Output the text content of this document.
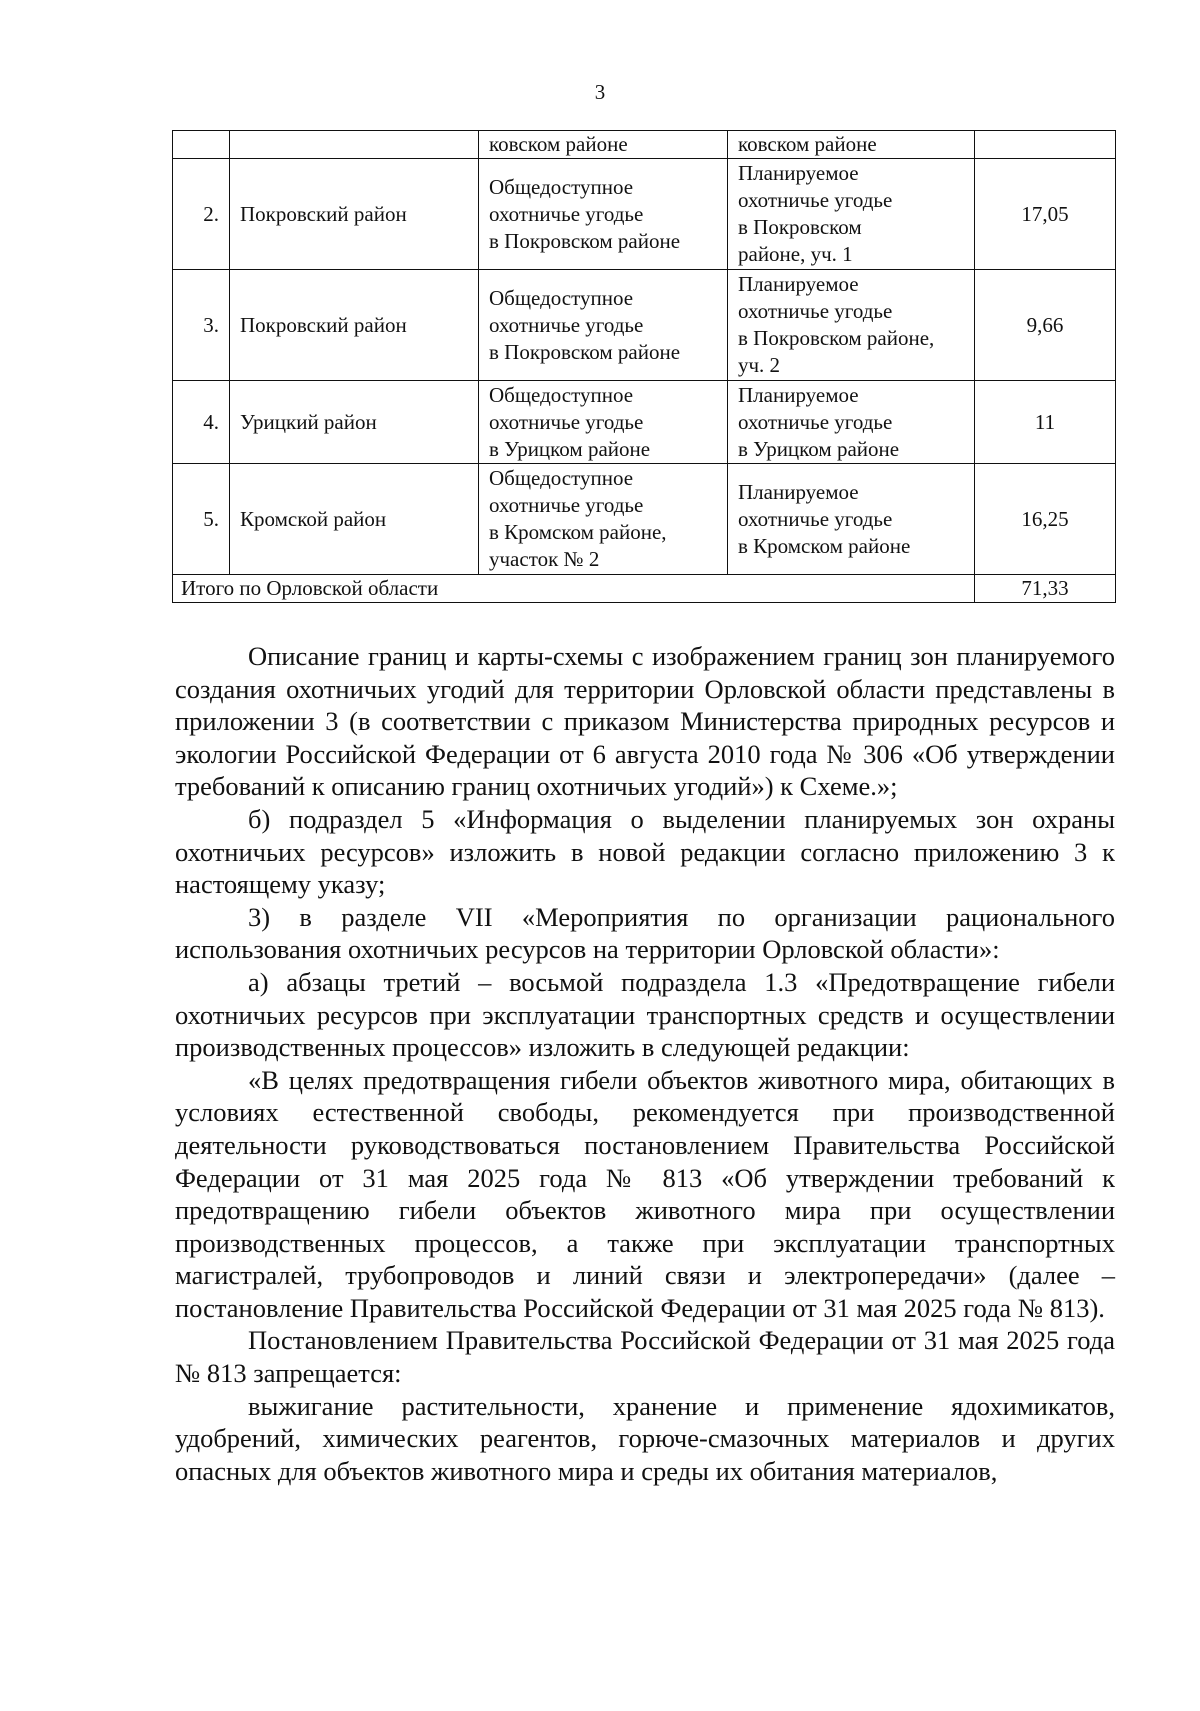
3
		ковском районе	ковском районе	
2.	Покровский район	Общедоступное
охотничье угодье
в Покровском районе	Планируемое
охотничье угодье
в Покровском
районе, уч. 1	17,05
3.	Покровский район	Общедоступное
охотничье угодье
в Покровском районе	Планируемое
охотничье угодье
в Покровском районе,
уч. 2	9,66
4.	Урицкий район	Общедоступное
охотничье угодье
в Урицком районе	Планируемое
охотничье угодье
в Урицком районе	11
5.	Кромской район	Общедоступное
охотничье угодье
в Кромском районе,
участок № 2	Планируемое
охотничье угодье
в Кромском районе	16,25
Итого по Орловской области				71,33

Описание границ и карты-схемы с изображением границ зон планируемого создания охотничьих угодий для территории Орловской области представлены в приложении 3 (в соответствии с приказом Министерства природных ресурсов и экологии Российской Федерации от 6 августа 2010 года № 306 «Об утверждении требований к описанию границ охотничьих угодий») к Схеме.»;

б) подраздел 5 «Информация о выделении планируемых зон охраны охотничьих ресурсов» изложить в новой редакции согласно приложению 3 к настоящему указу;

3) в разделе VII «Мероприятия по организации рационального использования охотничьих ресурсов на территории Орловской области»:

а) абзацы третий – восьмой подраздела 1.3 «Предотвращение гибели охотничьих ресурсов при эксплуатации транспортных средств и осуществлении производственных процессов» изложить в следующей редакции:

«В целях предотвращения гибели объектов животного мира, обитающих в условиях естественной свободы, рекомендуется при производственной деятельности руководствоваться постановлением Правительства Российской Федерации от 31 мая 2025 года № 813 «Об утверждении требований к предотвращению гибели объектов животного мира при осуществлении производственных процессов, а также при эксплуатации транспортных магистралей, трубопроводов и линий связи и электропередачи» (далее – постановление Правительства Российской Федерации от 31 мая 2025 года № 813).

Постановлением Правительства Российской Федерации от 31 мая 2025 года № 813 запрещается:

выжигание растительности, хранение и применение ядохимикатов, удобрений, химических реагентов, горюче-смазочных материалов и других опасных для объектов животного мира и среды их обитания материалов,
